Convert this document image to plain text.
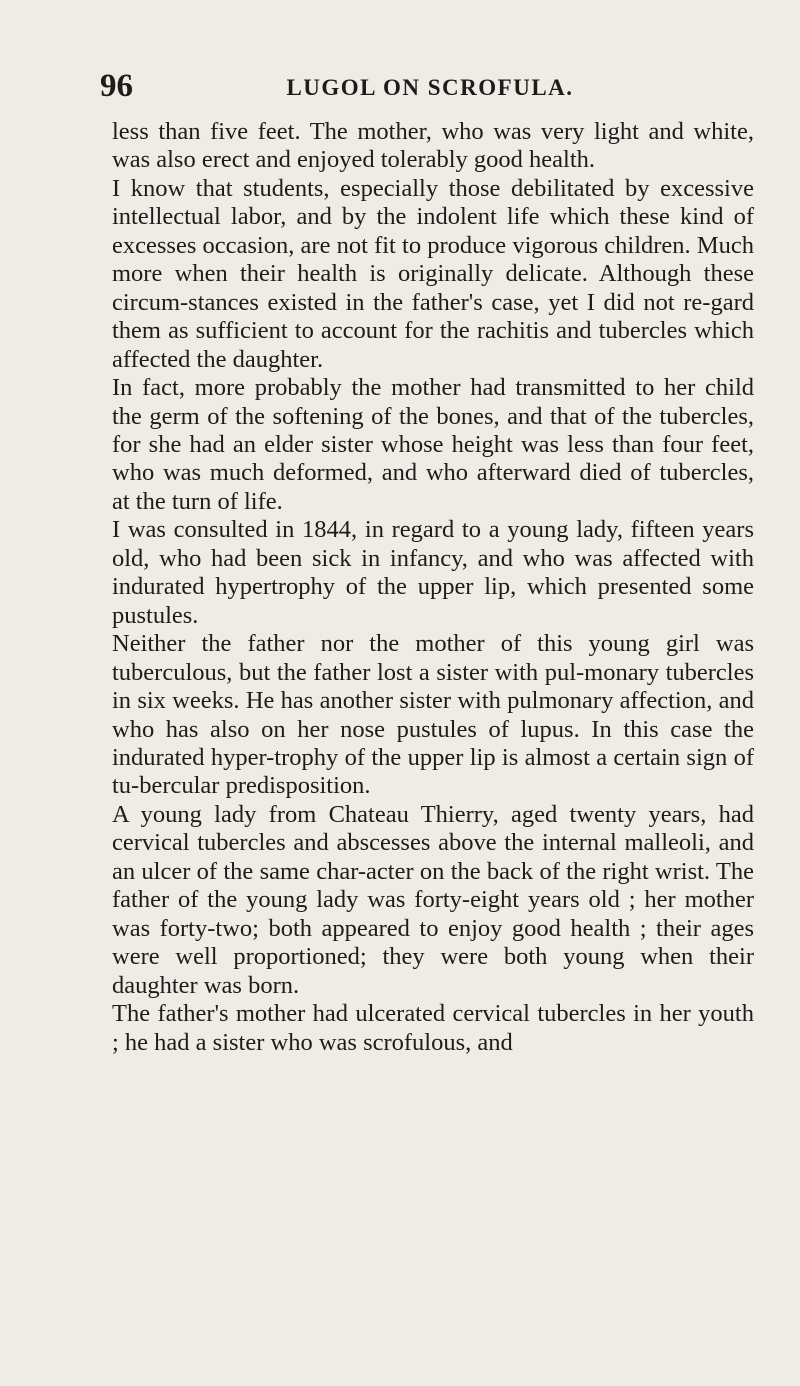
96	LUGOL ON SCROFULA.

less than five feet. The mother, who was very light and white, was also erect and enjoyed tolerably good health.

I know that students, especially those debilitated by excessive intellectual labor, and by the indolent life which these kind of excesses occasion, are not fit to produce vigorous children. Much more when their health is originally delicate. Although these circum-stances existed in the father's case, yet I did not re-gard them as sufficient to account for the rachitis and tubercles which affected the daughter.

In fact, more probably the mother had transmitted to her child the germ of the softening of the bones, and that of the tubercles, for she had an elder sister whose height was less than four feet, who was much deformed, and who afterward died of tubercles, at the turn of life.

I was consulted in 1844, in regard to a young lady, fifteen years old, who had been sick in infancy, and who was affected with indurated hypertrophy of the upper lip, which presented some pustules.

Neither the father nor the mother of this young girl was tuberculous, but the father lost a sister with pul-monary tubercles in six weeks. He has another sister with pulmonary affection, and who has also on her nose pustules of lupus. In this case the indurated hyper-trophy of the upper lip is almost a certain sign of tu-bercular predisposition.

A young lady from Chateau Thierry, aged twenty years, had cervical tubercles and abscesses above the internal malleoli, and an ulcer of the same char-acter on the back of the right wrist. The father of the young lady was forty-eight years old ; her mother was forty-two; both appeared to enjoy good health ; their ages were well proportioned; they were both young when their daughter was born.

The father's mother had ulcerated cervical tubercles in her youth ; he had a sister who was scrofulous, and
